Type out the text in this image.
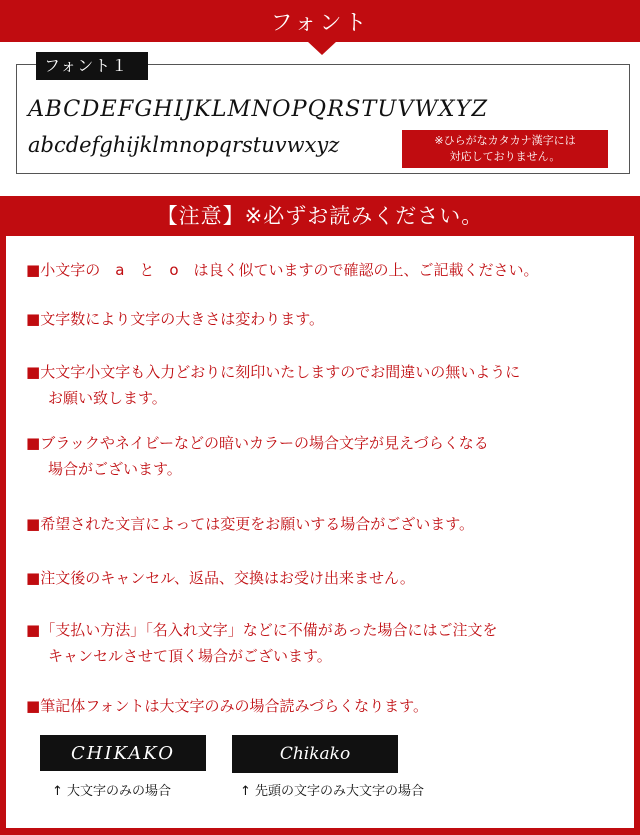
フォント
フォント１
ABCDEFGHIJKLMNOPQRSTUVWXYZ
abcdefghijklmnopqrstuvwxyz	※ひらがなカタカナ漢字には
対応しておりません。
【注意】※必ずお読みください。
■小文字の　a　と　o　は良く似ていますので確認の上、ご記載ください。
■文字数により文字の大きさは変わります。
■大文字小文字も入力どおりに刻印いたしますのでお間違いの無いように
お願い致します。
■ブラックやネイビーなどの暗いカラーの場合文字が見えづらくなる
場合がございます。
■希望された文言によっては変更をお願いする場合がございます。
■注文後のキャンセル、返品、交換はお受け出来ません。
■「支払い方法」「名入れ文字」などに不備があった場合にはご注文を
キャンセルさせて頂く場合がございます。
■筆記体フォントは大文字のみの場合読みづらくなります。
CHIKAKO
↑ 大文字のみの場合
Chikako
↑ 先頭の文字のみ大文字の場合
